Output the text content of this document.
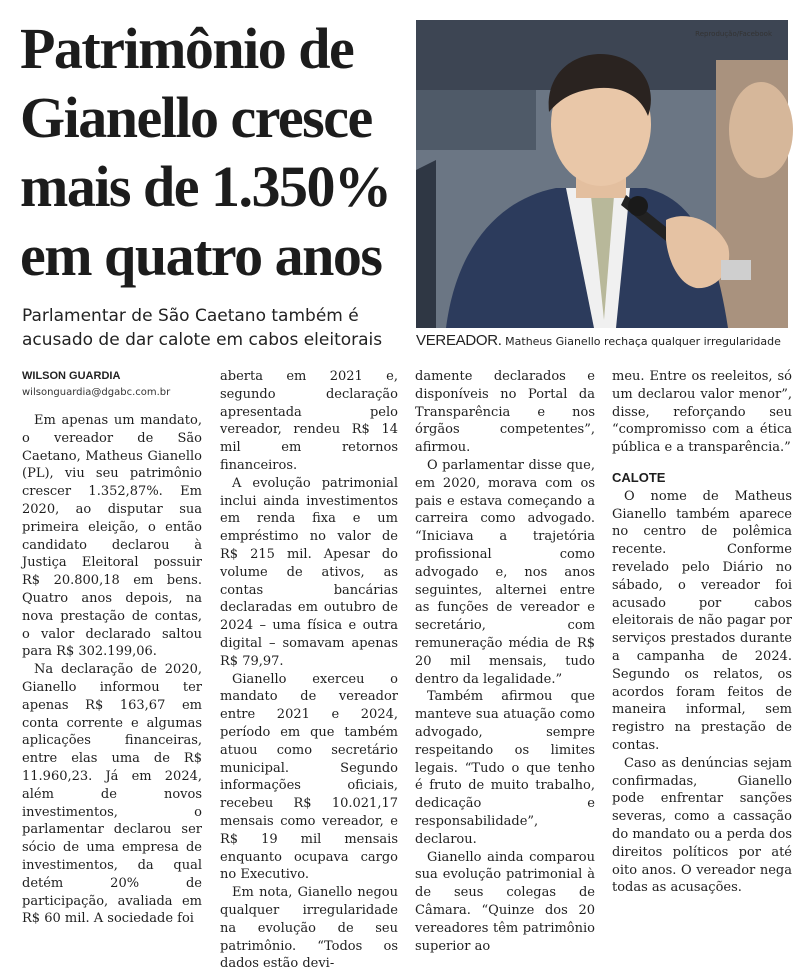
Patrimônio de Gianello cresce mais de 1.350% em quatro anos
Parlamentar de São Caetano também é acusado de dar calote em cabos eleitorais
Reprodução/Facebook
VEREADOR. Matheus Gianello rechaça qualquer irregularidade
WILSON GUARDIA
wilsonguardia@dgabc.com.br

Em apenas um mandato, o vereador de São Caetano, Matheus Gianello (PL), viu seu patrimônio crescer 1.352,87%. Em 2020, ao disputar sua primeira eleição, o então candidato declarou à Justiça Eleitoral possuir R$ 20.800,18 em bens. Quatro anos depois, na nova prestação de contas, o valor declarado saltou para R$ 302.199,06.

Na declaração de 2020, Gianello informou ter apenas R$ 163,67 em conta corrente e algumas aplicações financeiras, entre elas uma de R$ 11.960,23. Já em 2024, além de novos investimentos, o parlamentar declarou ser sócio de uma empresa de investimentos, da qual detém 20% de participação, avaliada em R$ 60 mil. A sociedade foi

aberta em 2021 e, segundo declaração apresentada pelo vereador, rendeu R$ 14 mil em retornos financeiros.

A evolução patrimonial inclui ainda investimentos em renda fixa e um empréstimo no valor de R$ 215 mil. Apesar do volume de ativos, as contas bancárias declaradas em outubro de 2024 – uma física e outra digital – somavam apenas R$ 79,97.

Gianello exerceu o mandato de vereador entre 2021 e 2024, período em que também atuou como secretário municipal. Segundo informações oficiais, recebeu R$ 10.021,17 mensais como vereador, e R$ 19 mil mensais enquanto ocupava cargo no Executivo.

Em nota, Gianello negou qualquer irregularidade na evolução de seu patrimônio. “Todos os dados estão devi-

damente declarados e disponíveis no Portal da Transparência e nos órgãos competentes”, afirmou.

O parlamentar disse que, em 2020, morava com os pais e estava começando a carreira como advogado. “Iniciava a trajetória profissional como advogado e, nos anos seguintes, alternei entre as funções de vereador e secretário, com remuneração média de R$ 20 mil mensais, tudo dentro da legalidade.”

Também afirmou que manteve sua atuação como advogado, sempre respeitando os limites legais. “Tudo o que tenho é fruto de muito trabalho, dedicação e responsabilidade”, declarou.

Gianello ainda comparou sua evolução patrimonial à de seus colegas de Câmara. “Quinze dos 20 vereadores têm patrimônio superior ao

meu. Entre os reeleitos, só um declarou valor menor”, disse, reforçando seu “compromisso com a ética pública e a transparência.”

CALOTE

O nome de Matheus Gianello também aparece no centro de polêmica recente. Conforme revelado pelo Diário no sábado, o vereador foi acusado por cabos eleitorais de não pagar por serviços prestados durante a campanha de 2024. Segundo os relatos, os acordos foram feitos de maneira informal, sem registro na prestação de contas.

Caso as denúncias sejam confirmadas, Gianello pode enfrentar sanções severas, como a cassação do mandato ou a perda dos direitos políticos por até oito anos. O vereador nega todas as acusações.
